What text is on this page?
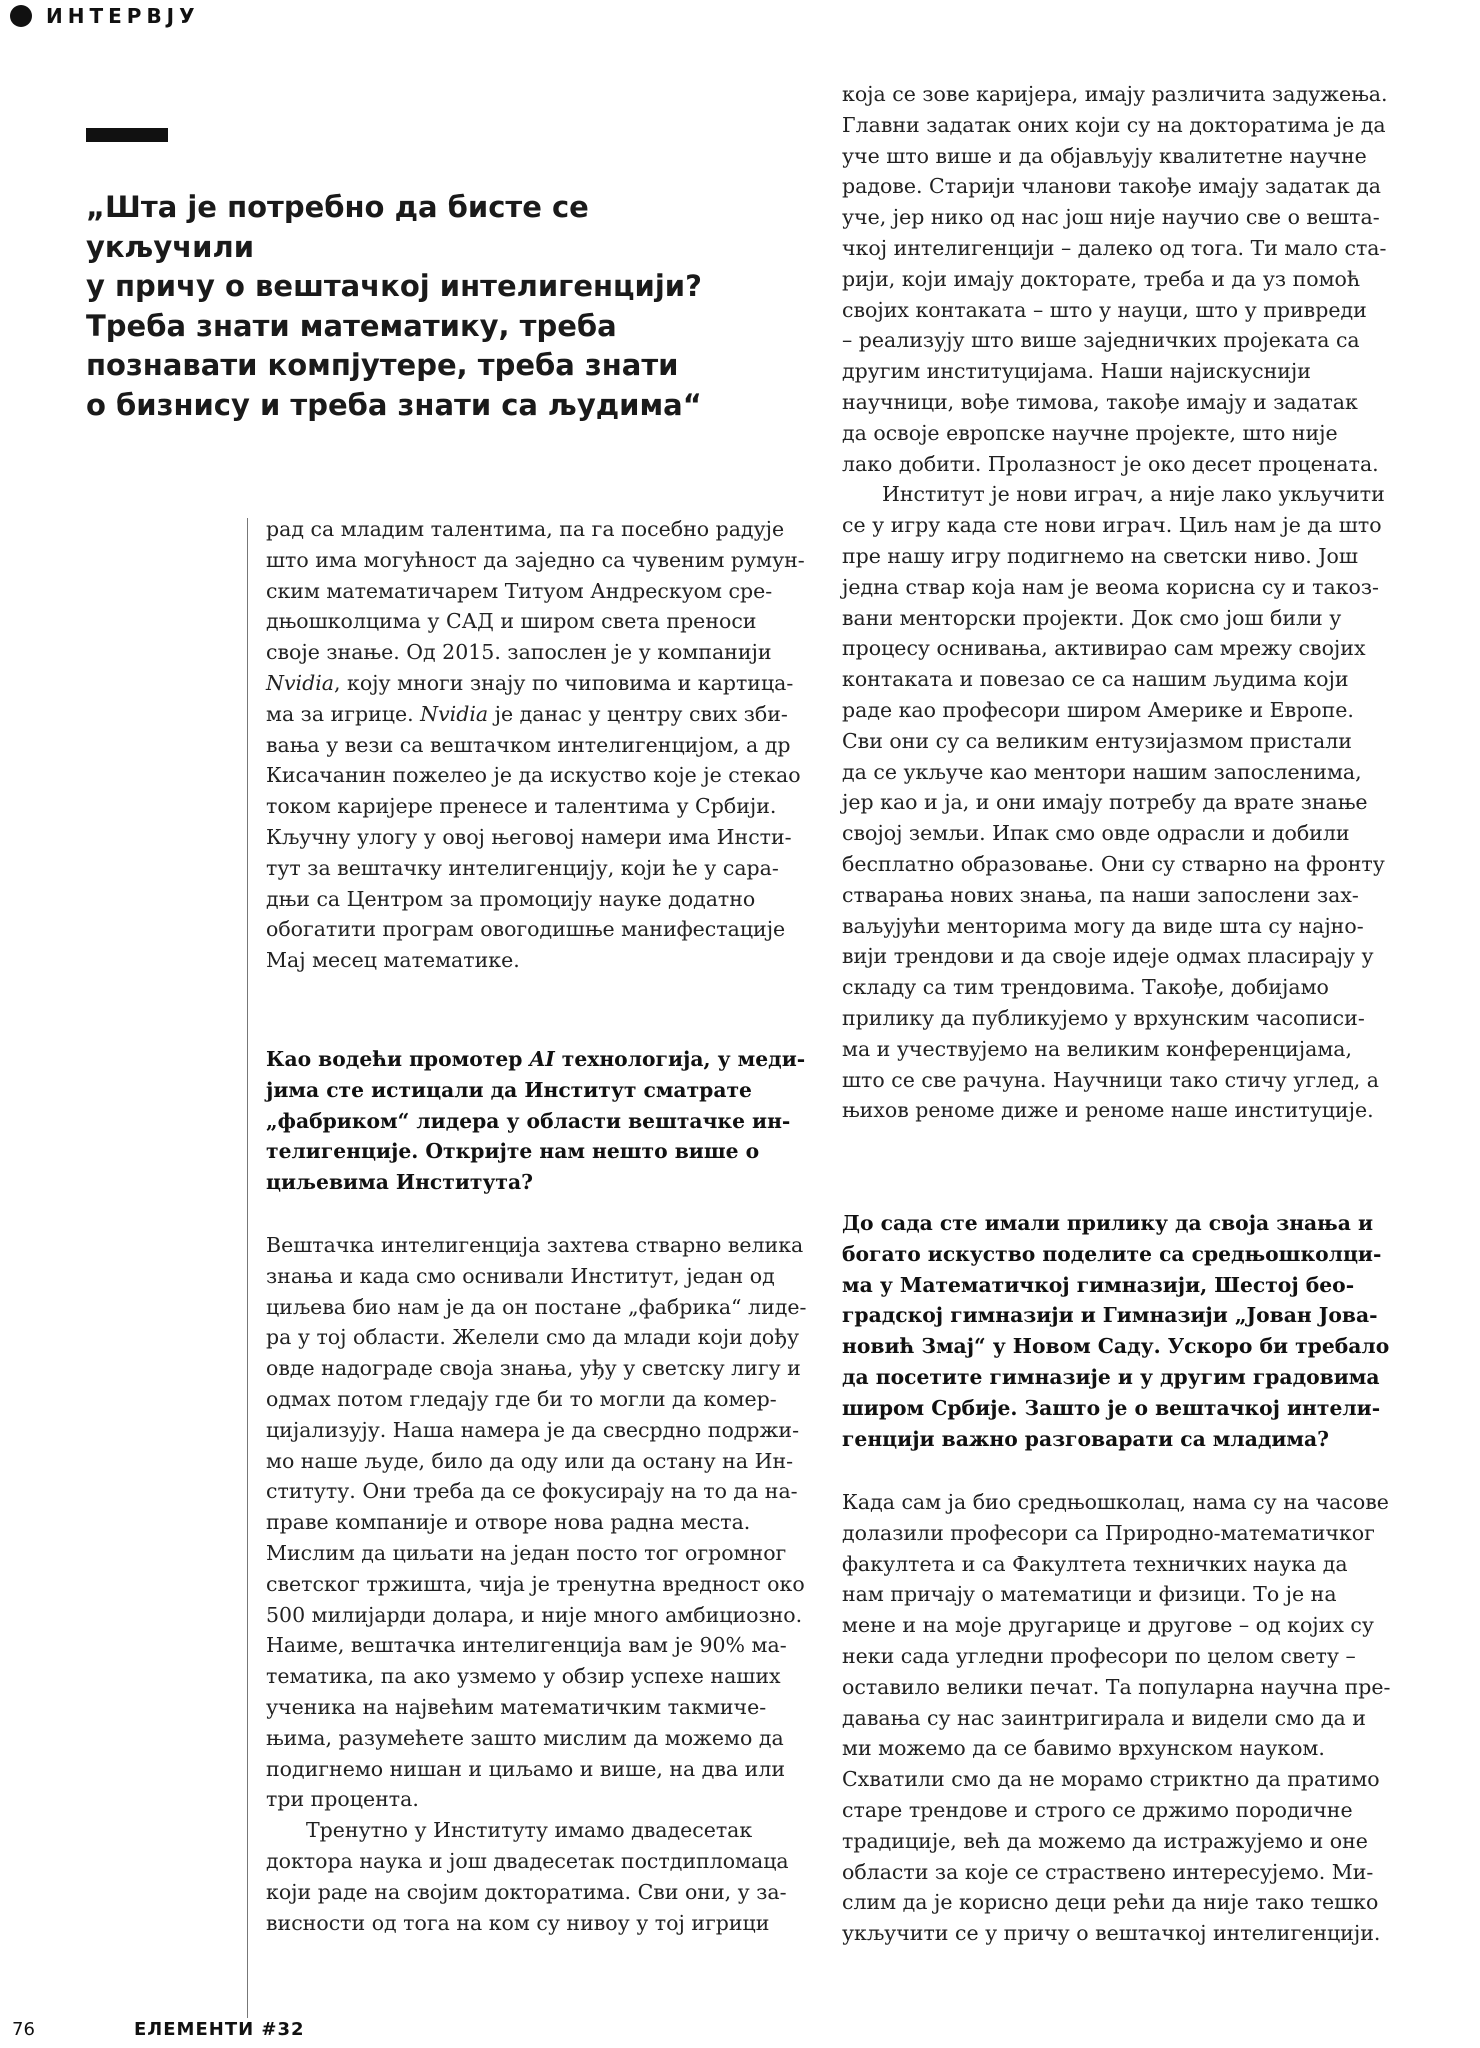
ИНТЕРВЈУ
„Шта је потребно да бисте се укључили
у причу о вештачкој интелигенцији?
Треба знати математику, треба
познавати компјутере, треба знати
о бизнису и треба знати са људима“
рад са младим талентима, па га посебно радује
што има могућност да заједно са чувеним румун-
ским математичарем Титуом Андрескуом сре-
дњошколцима у САД и широм света преноси
своје знање. Од 2015. запослен је у компанији
Nvidia, коју многи знају по чиповима и картица-
ма за игрице. Nvidia је данас у центру свих зби-
вања у вези са вештачком интелигенцијом, а др
Кисачанин пожелео је да искуство које је стекао
током каријере пренесе и талентима у Србији.
Кључну улогу у овој његовој намери има Инсти-
тут за вештачку интелигенцију, који ће у сара-
дњи са Центром за промоцију науке додатно
обогатити програм овогодишње манифестације
Мај месец математике.
Као водећи промотер AI технологија, у меди-
јима сте истицали да Институт сматрате
„фабриком“ лидера у области вештачке ин-
телигенције. Откријте нам нешто више о
циљевима Института?
Вештачка интелигенција захтева стварно велика
знања и када смо оснивали Институт, један од
циљева био нам је да он постане „фабрика“ лиде-
ра у тој области. Желели смо да млади који дођу
овде надограде своја знања, уђу у светску лигу и
одмах потом гледају где би то могли да комер-
цијализују. Наша намера је да свесрдно подржи-
мо наше људе, било да оду или да остану на Ин-
ституту. Они треба да се фокусирају на то да на-
праве компаније и отворе нова радна места.
Мислим да циљати на један посто тог огромног
светског тржишта, чија је тренутна вредност око
500 милијарди долара, и није много амбициозно.
Наиме, вештачка интелигенција вам је 90% ма-
тематика, па ако узмемо у обзир успехе наших
ученика на највећим математичким такмиче-
њима, разумећете зашто мислим да можемо да
подигнемо нишан и циљамо и више, на два или
три процента.
Тренутно у Институту имамо двадесетак
доктора наука и још двадесетак постдипломаца
који раде на својим докторатима. Сви они, у за-
висности од тога на ком су нивоу у тој игрици
која се зове каријера, имају различита задужења.
Главни задатак оних који су на докторатима је да
уче што више и да објављују квалитетне научне
радове. Старији чланови такође имају задатак да
уче, јер нико од нас још није научио све о вешта-
чкој интелигенцији – далеко од тога. Ти мало ста-
рији, који имају докторате, треба и да уз помоћ
својих контаката – што у науци, што у привреди
– реализују што више заједничких пројеката са
другим институцијама. Наши најискуснији
научници, вође тимова, такође имају и задатак
да освоје европске научне пројекте, што није
лако добити. Пролазност је око десет процената.
Институт је нови играч, а није лако укључити
се у игру када сте нови играч. Циљ нам је да што
пре нашу игру подигнемо на светски ниво. Још
једна ствар која нам је веома корисна су и такоз-
вани менторски пројекти. Док смо још били у
процесу оснивања, активирао сам мрежу својих
контаката и повезао се са нашим људима који
раде као професори широм Америке и Европе.
Сви они су са великим ентузијазмом пристали
да се укључе као ментори нашим запосленима,
јер као и ја, и они имају потребу да врате знање
својој земљи. Ипак смо овде одрасли и добили
бесплатно образовање. Они су стварно на фронту
стварања нових знања, па наши запослени зах-
ваљујући менторима могу да виде шта су најно-
вији трендови и да своје идеје одмах пласирају у
складу са тим трендовима. Такође, добијамо
прилику да публикујемо у врхунским часописи-
ма и учествујемо на великим конференцијама,
што се све рачуна. Научници тако стичу углед, а
њихов реноме диже и реноме наше институције.
До сада сте имали прилику да своја знања и
богато искуство поделите са средњошколци-
ма у Математичкој гимназији, Шестој бео-
градској гимназији и Гимназији „Јован Јова-
новић Змај“ у Новом Саду. Ускоро би требало
да посетите гимназије и у другим градовима
широм Србије. Зашто је о вештачкој интели-
генцији важно разговарати са младима?
Када сам ја био средњошколац, нама су на часове
долазили професори са Природно-математичког
факултета и са Факултета техничких наука да
нам причају о математици и физици. То је на
мене и на моје другарице и другове – од којих су
неки сада угледни професори по целом свету –
оставило велики печат. Та популарна научна пре-
давања су нас заинтригирала и видели смо да и
ми можемо да се бавимо врхунском науком.
Схватили смо да не морамо стриктно да пратимо
старе трендове и строго се држимо породичне
традиције, већ да можемо да истражујемо и оне
области за које се страствено интересујемо. Ми-
слим да је корисно деци рећи да није тако тешко
укључити се у причу о вештачкој интелигенцији.
76	ЕЛЕМЕНТИ #32
